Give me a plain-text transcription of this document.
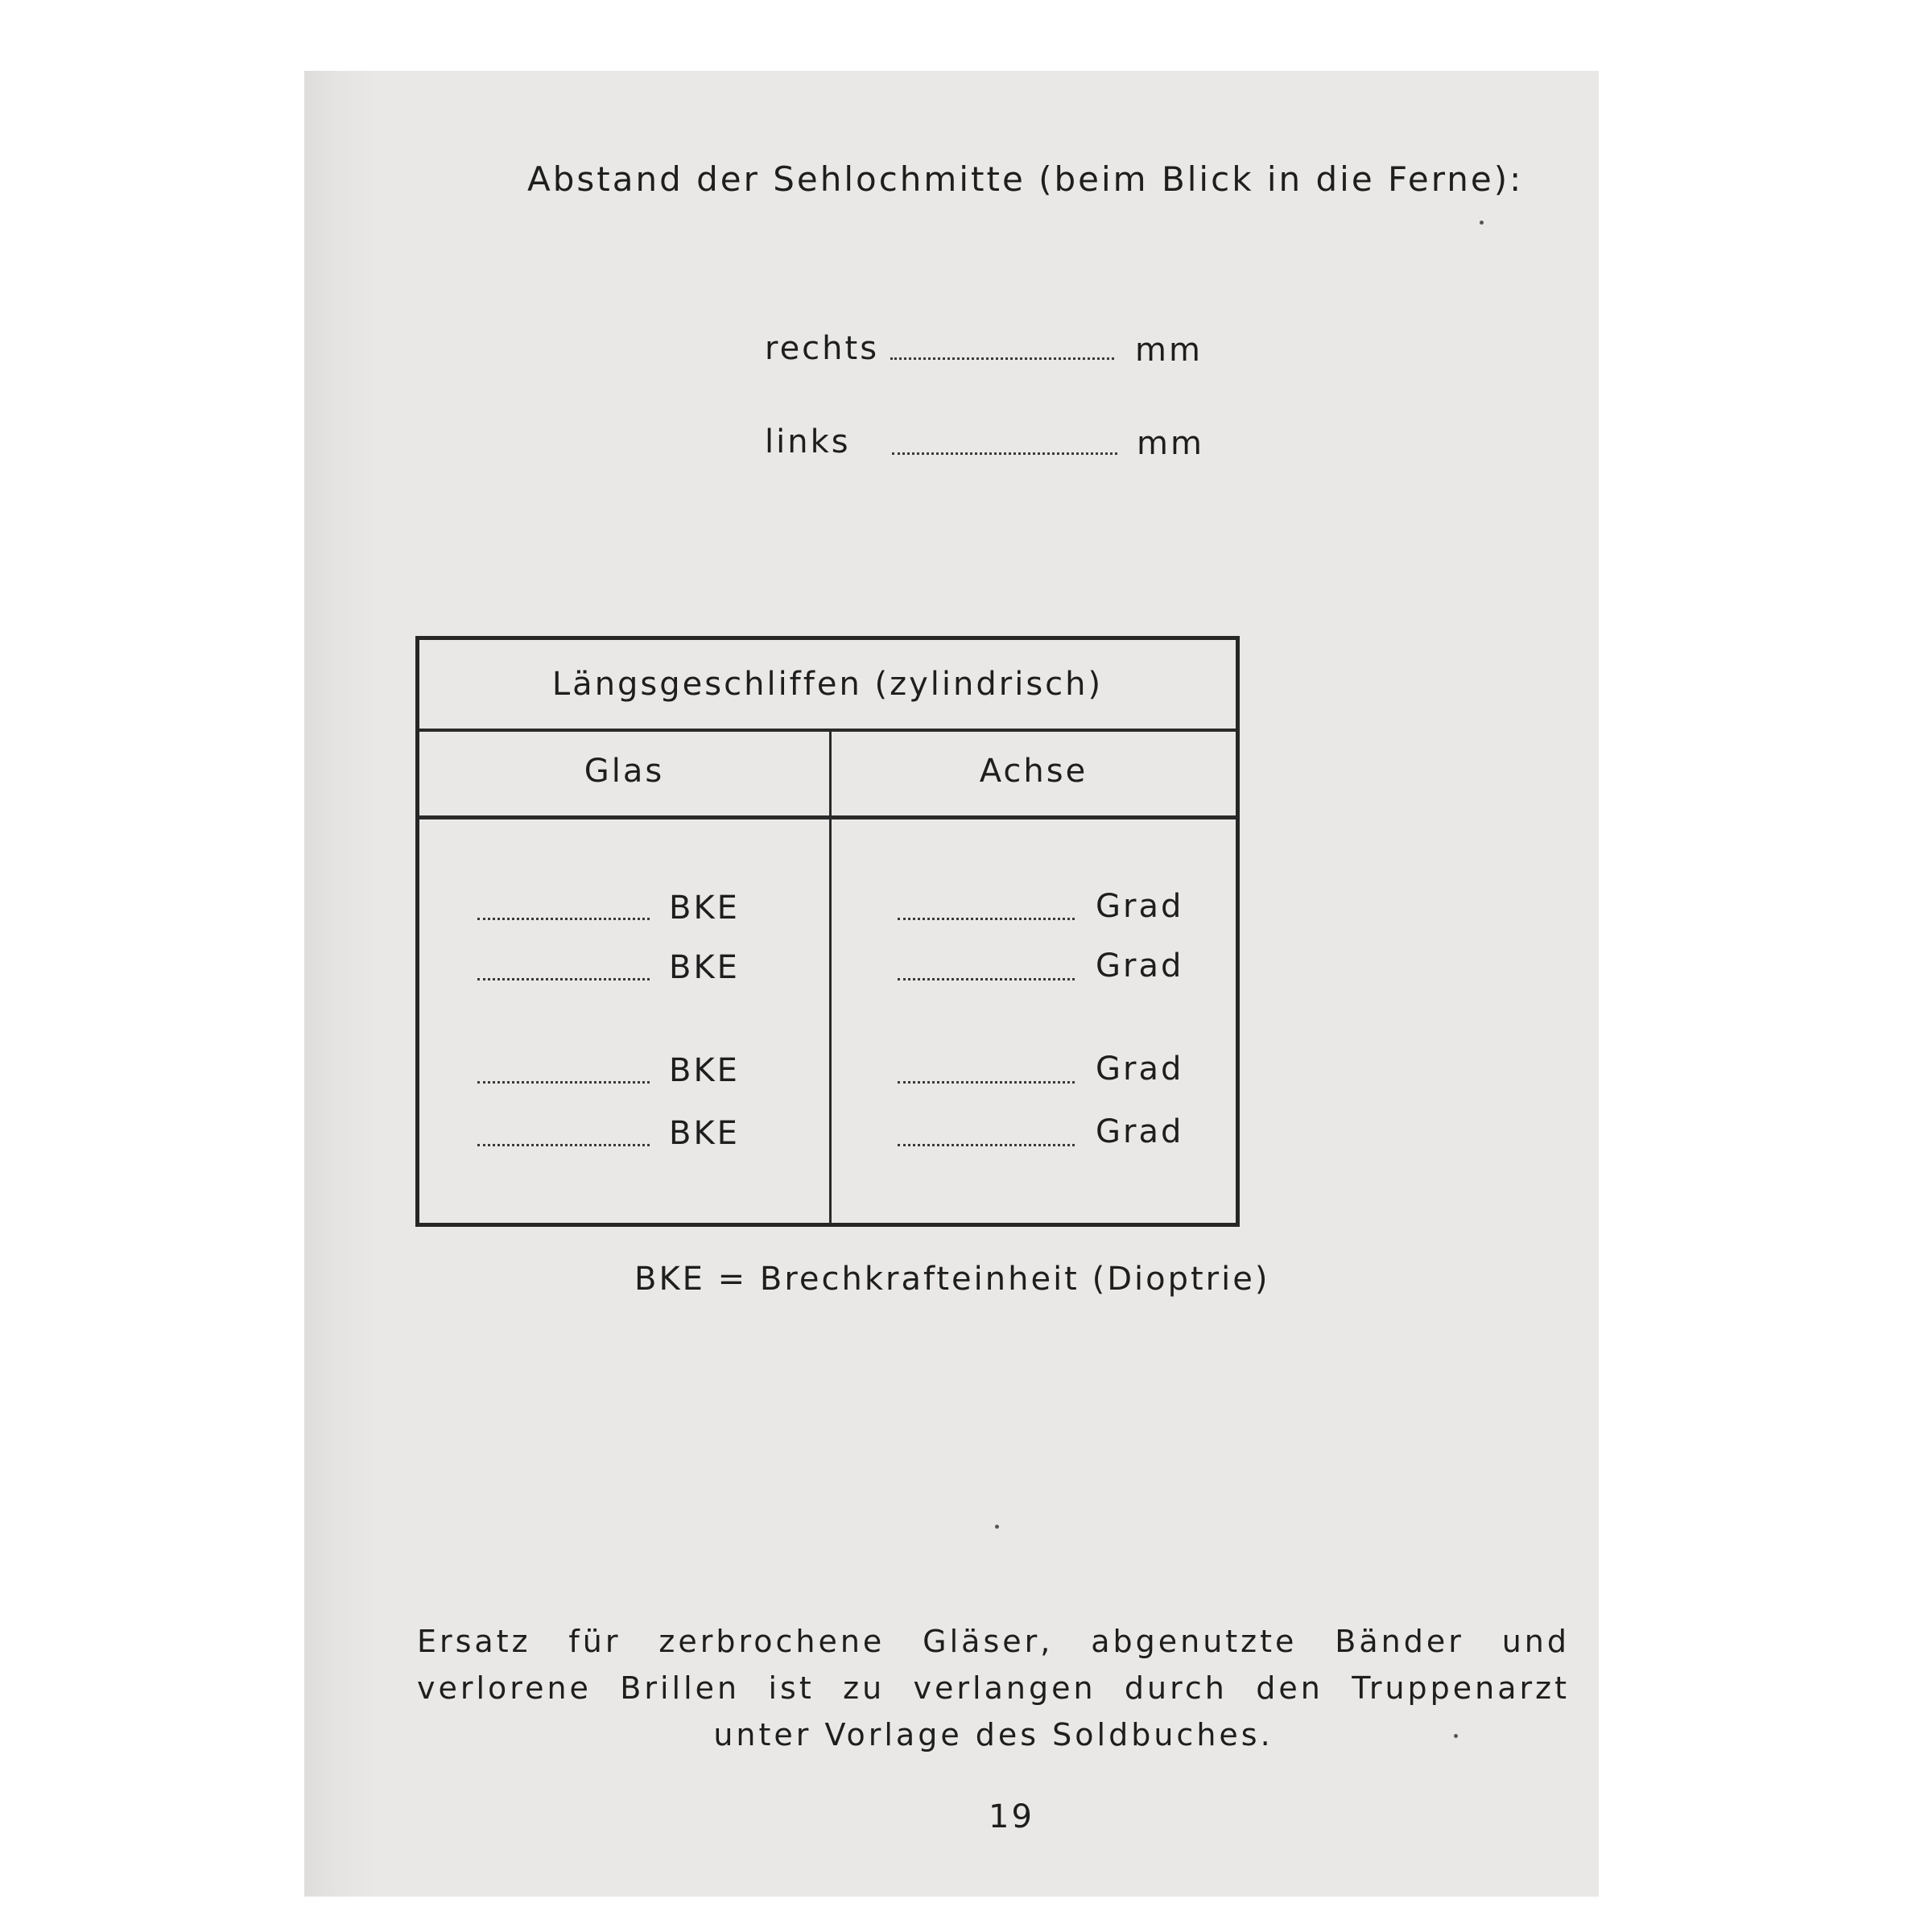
Abstand der Sehlochmitte (beim Blick in die Ferne):
rechts	mm
links	mm
Längsgeschliffen (zylindrisch)
Glas	Achse
BKE	Grad
BKE	Grad
BKE	Grad
BKE	Grad
BKE = Brechkrafteinheit (Dioptrie)
Ersatz für zerbrochene Gläser, abgenutzte Bänder und verlorene Brillen ist zu verlangen durch den Truppenarzt unter Vorlage des Soldbuches.
19
